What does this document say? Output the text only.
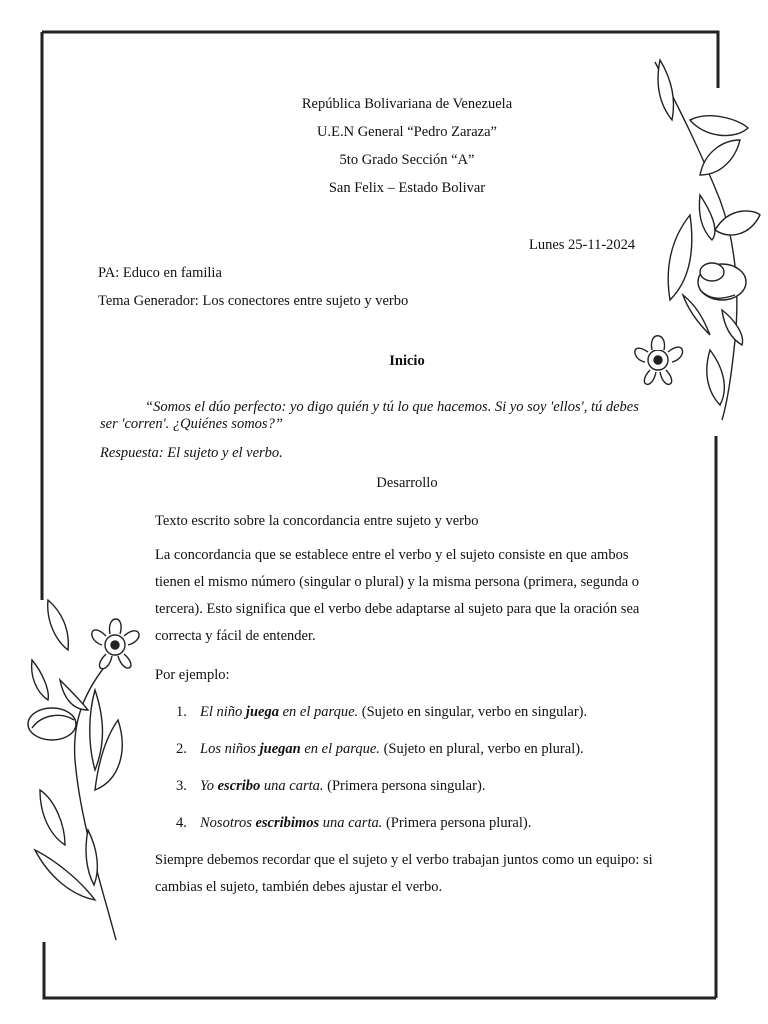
República Bolivariana de Venezuela
U.E.N General “Pedro Zaraza”
5to Grado Sección “A”
San Felix – Estado Bolivar
Lunes 25-11-2024
PA: Educo en familia
Tema Generador: Los conectores entre sujeto y verbo
Inicio
“Somos el dúo perfecto: yo digo quién y tú lo que hacemos. Si yo soy 'ellos', tú debes
ser 'corren'. ¿Quiénes somos?”
Respuesta: El sujeto y el verbo.
Desarrollo
Texto escrito sobre la concordancia entre sujeto y verbo
La concordancia que se establece entre el verbo y el sujeto consiste en que ambos tienen el mismo número (singular o plural) y la misma persona (primera, segunda o tercera). Esto significa que el verbo debe adaptarse al sujeto para que la oración sea correcta y fácil de entender.
Por ejemplo:
1. El niño juega en el parque. (Sujeto en singular, verbo en singular).
2. Los niños juegan en el parque. (Sujeto en plural, verbo en plural).
3. Yo escribo una carta. (Primera persona singular).
4. Nosotros escribimos una carta. (Primera persona plural).
Siempre debemos recordar que el sujeto y el verbo trabajan juntos como un equipo: si cambias el sujeto, también debes ajustar el verbo.
